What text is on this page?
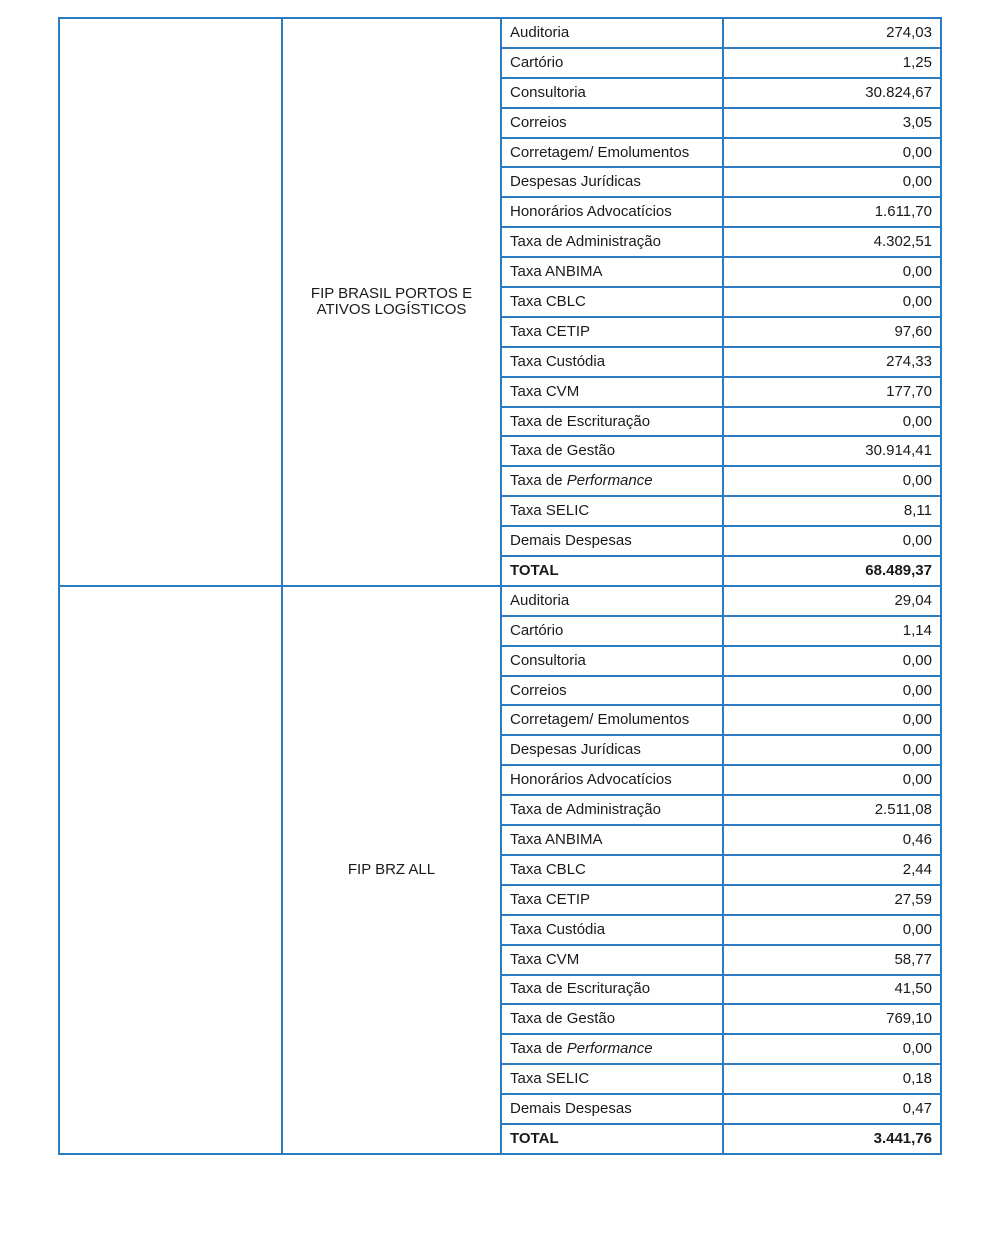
	FIP BRASIL PORTOS E ATIVOS LOGÍSTICOS	Auditoria	274,03
		Cartório	1,25
		Consultoria	30.824,67
		Correios	3,05
		Corretagem/ Emolumentos	0,00
		Despesas Jurídicas	0,00
		Honorários Advocatícios	1.611,70
		Taxa de Administração	4.302,51
		Taxa ANBIMA	0,00
		Taxa CBLC	0,00
		Taxa CETIP	97,60
		Taxa Custódia	274,33
		Taxa CVM	177,70
		Taxa de Escrituração	0,00
		Taxa de Gestão	30.914,41
		Taxa de Performance	0,00
		Taxa SELIC	8,11
		Demais Despesas	0,00
		TOTAL	68.489,37
	FIP BRZ ALL	Auditoria	29,04
		Cartório	1,14
		Consultoria	0,00
		Correios	0,00
		Corretagem/ Emolumentos	0,00
		Despesas Jurídicas	0,00
		Honorários Advocatícios	0,00
		Taxa de Administração	2.511,08
		Taxa ANBIMA	0,46
		Taxa CBLC	2,44
		Taxa CETIP	27,59
		Taxa Custódia	0,00
		Taxa CVM	58,77
		Taxa de Escrituração	41,50
		Taxa de Gestão	769,10
		Taxa de Performance	0,00
		Taxa SELIC	0,18
		Demais Despesas	0,47
		TOTAL	3.441,76
